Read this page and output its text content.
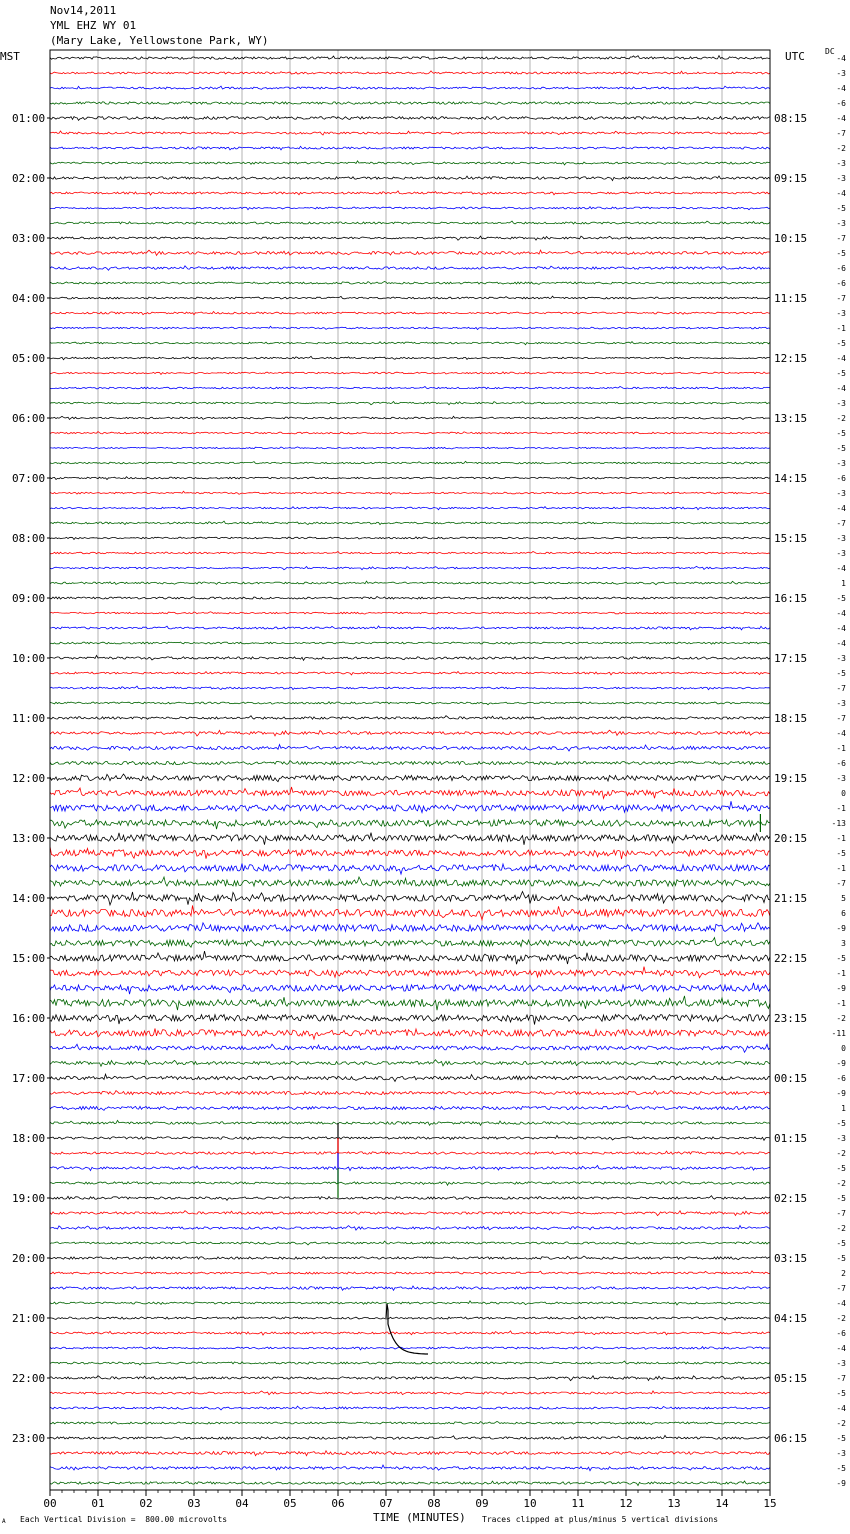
Nov14,2011
YML EHZ WY 01
(Mary Lake, Yellowstone Park, WY)
MST	UTC	DC
Each Vertical Division =  800.00 microvolts	TIME (MINUTES) Traces clipped at plus/minus 5 vertical divisions
A
01:00
02:00
03:00
04:00
05:00
06:00
07:00
08:00
09:00
10:00
11:00
12:00
13:00
14:00
15:00
16:00
17:00
18:00
19:00
20:00
21:00
22:00
23:00
08:15
09:15
10:15
11:15
12:15
13:15
14:15
15:15
16:15
17:15
18:15
19:15
20:15
21:15
22:15
23:15
00:15
01:15
02:15
03:15
04:15
05:15
06:15
-4
-3
-4
-6
-4
-7
-2
-3
-3
-4
-5
-3
-7
-5
-6
-6
-7
-3
-1
-5
-4
-5
-4
-3
-2
-5
-5
-3
-6
-3
-4
-7
-3
-3
-4
1
-5
-4
-4
-4
-3
-5
-7
-3
-7
-4
-1
-6
-3
0
-1
-13
-1
-5
-1
-7
5
6
-9
3
-5
-1
-9
-1
-2
-11
0
-9
-6
-9
1
-5
-3
-2
-5
-2
-5
-7
-2
-5
-5
2
-7
-4
-2
-6
-4
-3
-7
-5
-4
-2
-5
-3
-5
-9
00	01	02	03	04	05	06	07	08	09	10	11	12	13	14	15
